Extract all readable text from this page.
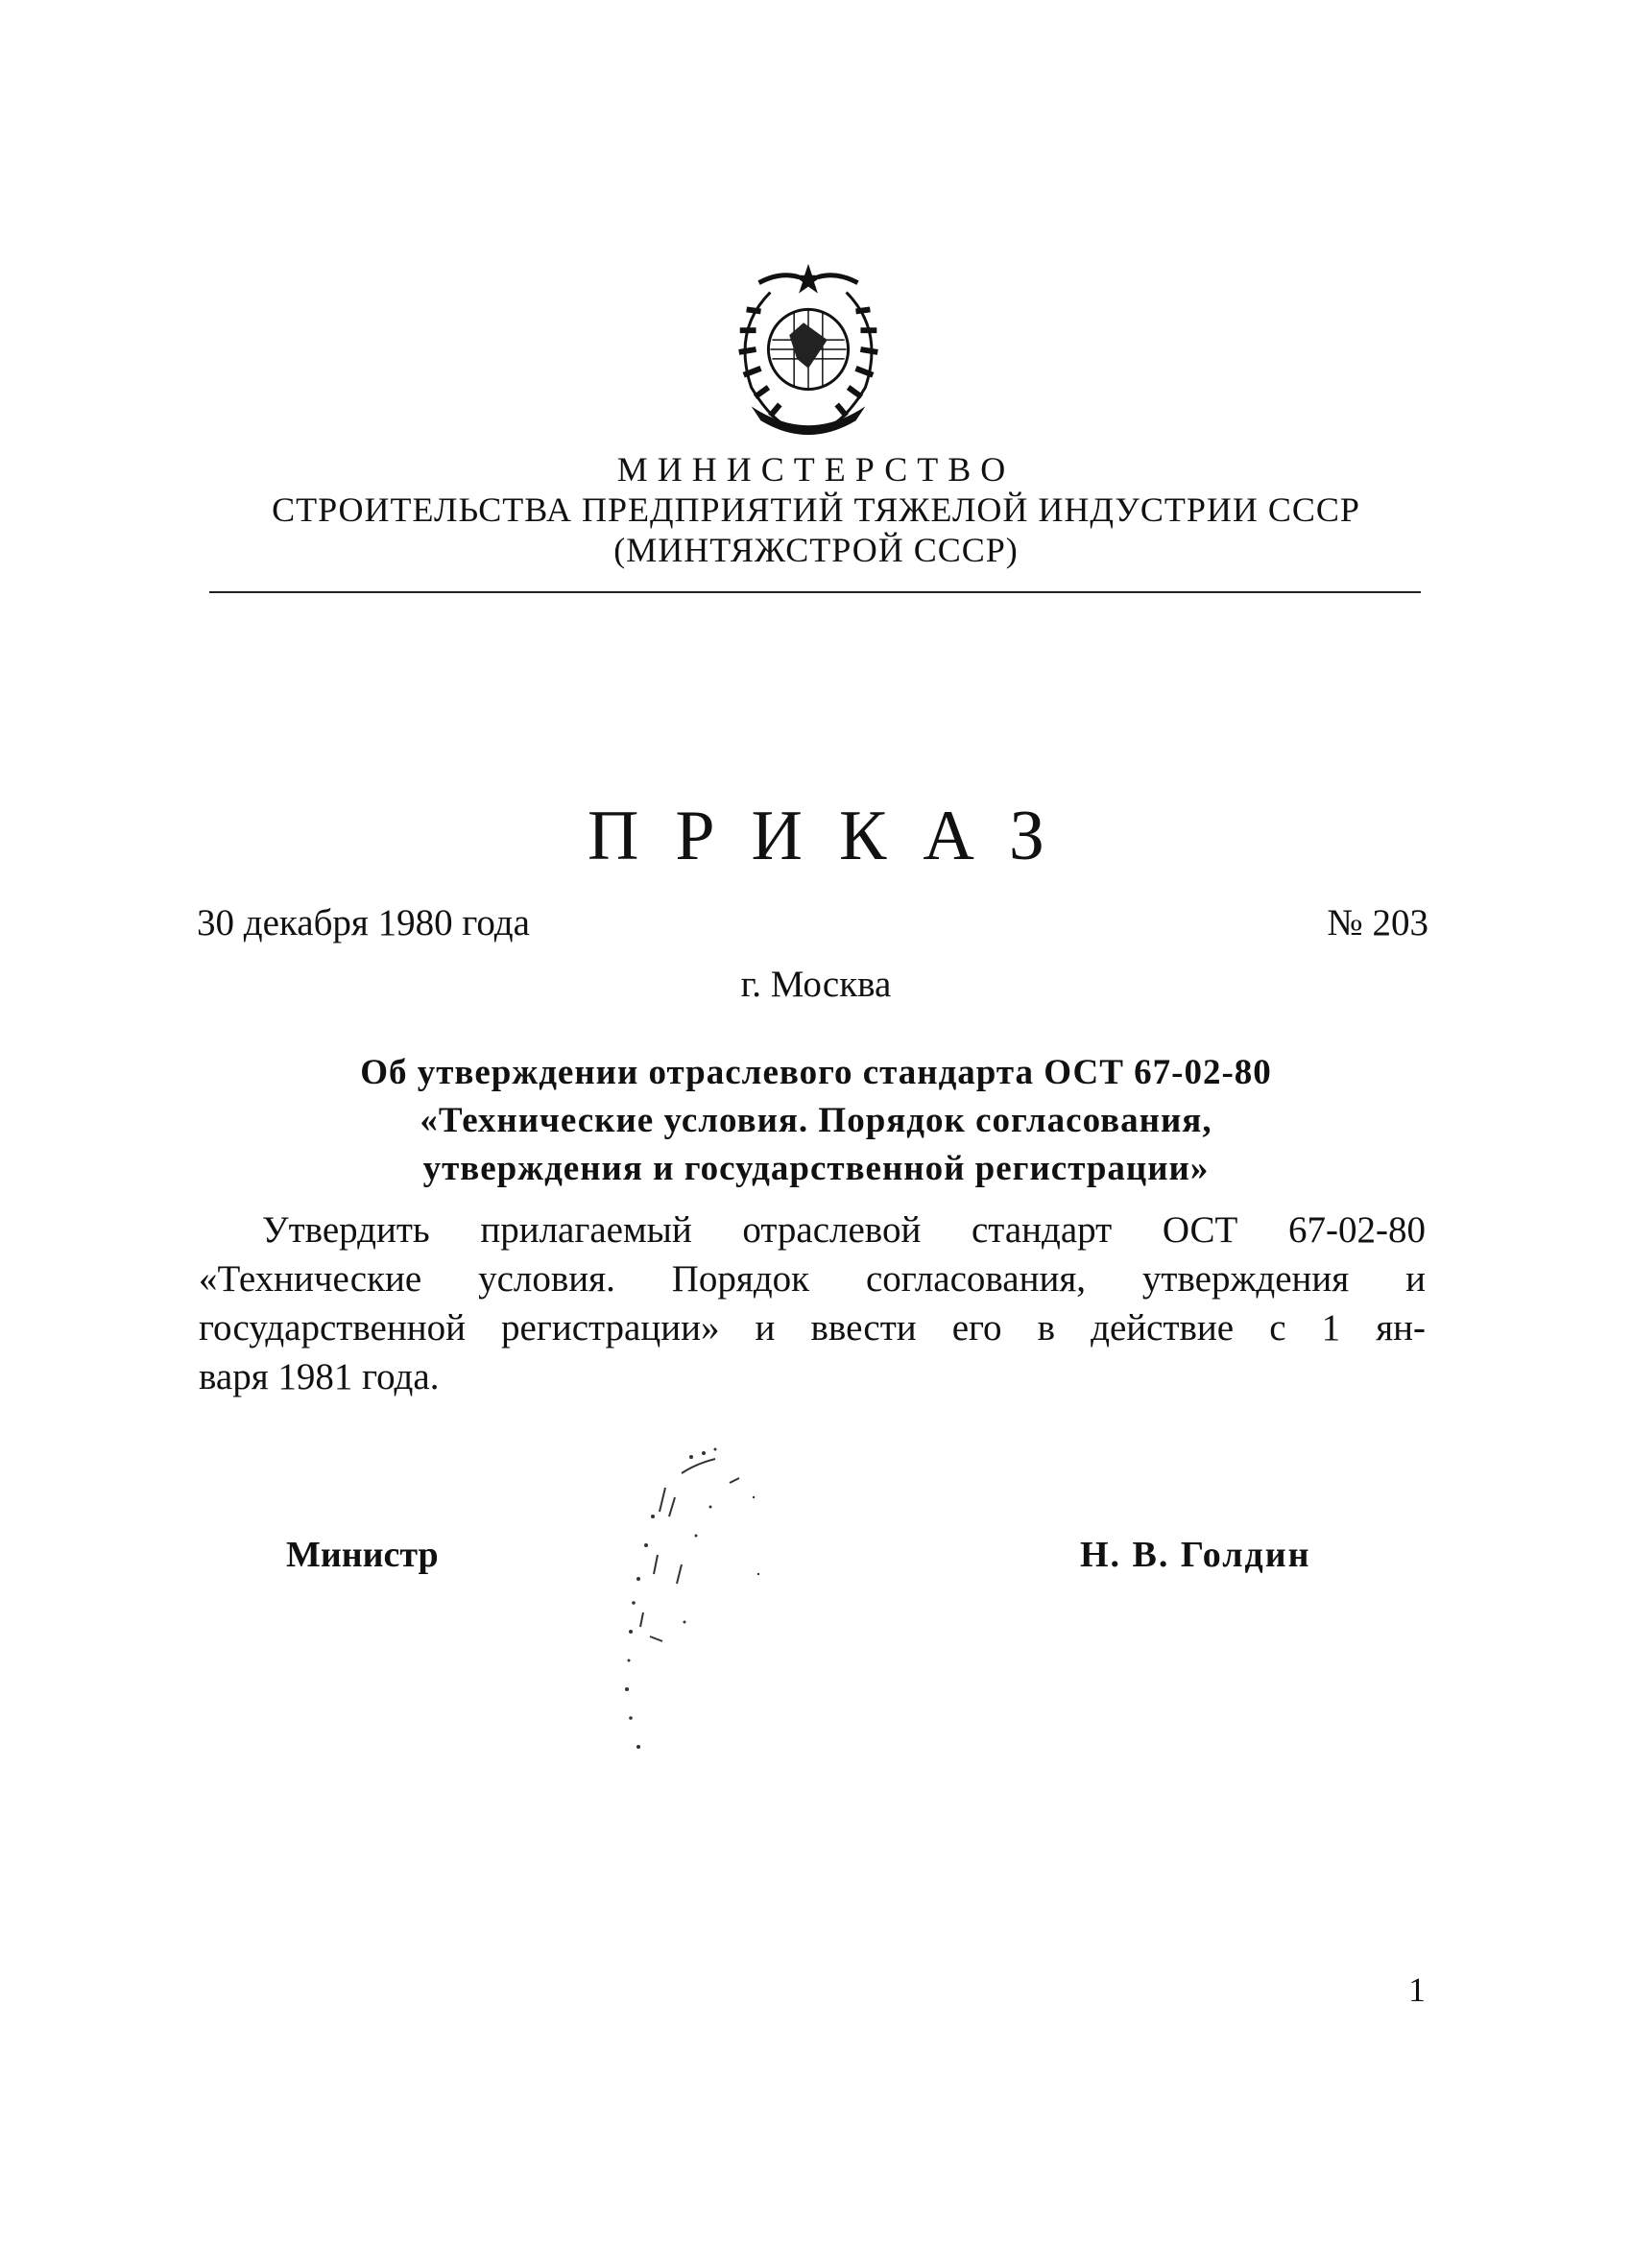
МИНИСТЕРСТВО
СТРОИТЕЛЬСТВА ПРЕДПРИЯТИЙ ТЯЖЕЛОЙ ИНДУСТРИИ СССР
(МИНТЯЖСТРОЙ СССР)
ПРИКАЗ
30 декабря 1980 года	№ 203
г. Москва
Об утверждении отраслевого стандарта ОСТ 67-02-80
«Технические условия. Порядок согласования,
утверждения и государственной регистрации»
Утвердить прилагаемый отраслевой стандарт ОСТ 67-02-80
«Технические условия. Порядок согласования, утверждения и
государственной регистрации» и ввести его в действие с 1 ян-
варя 1981 года.
Министр	Н. В. Голдин
1
